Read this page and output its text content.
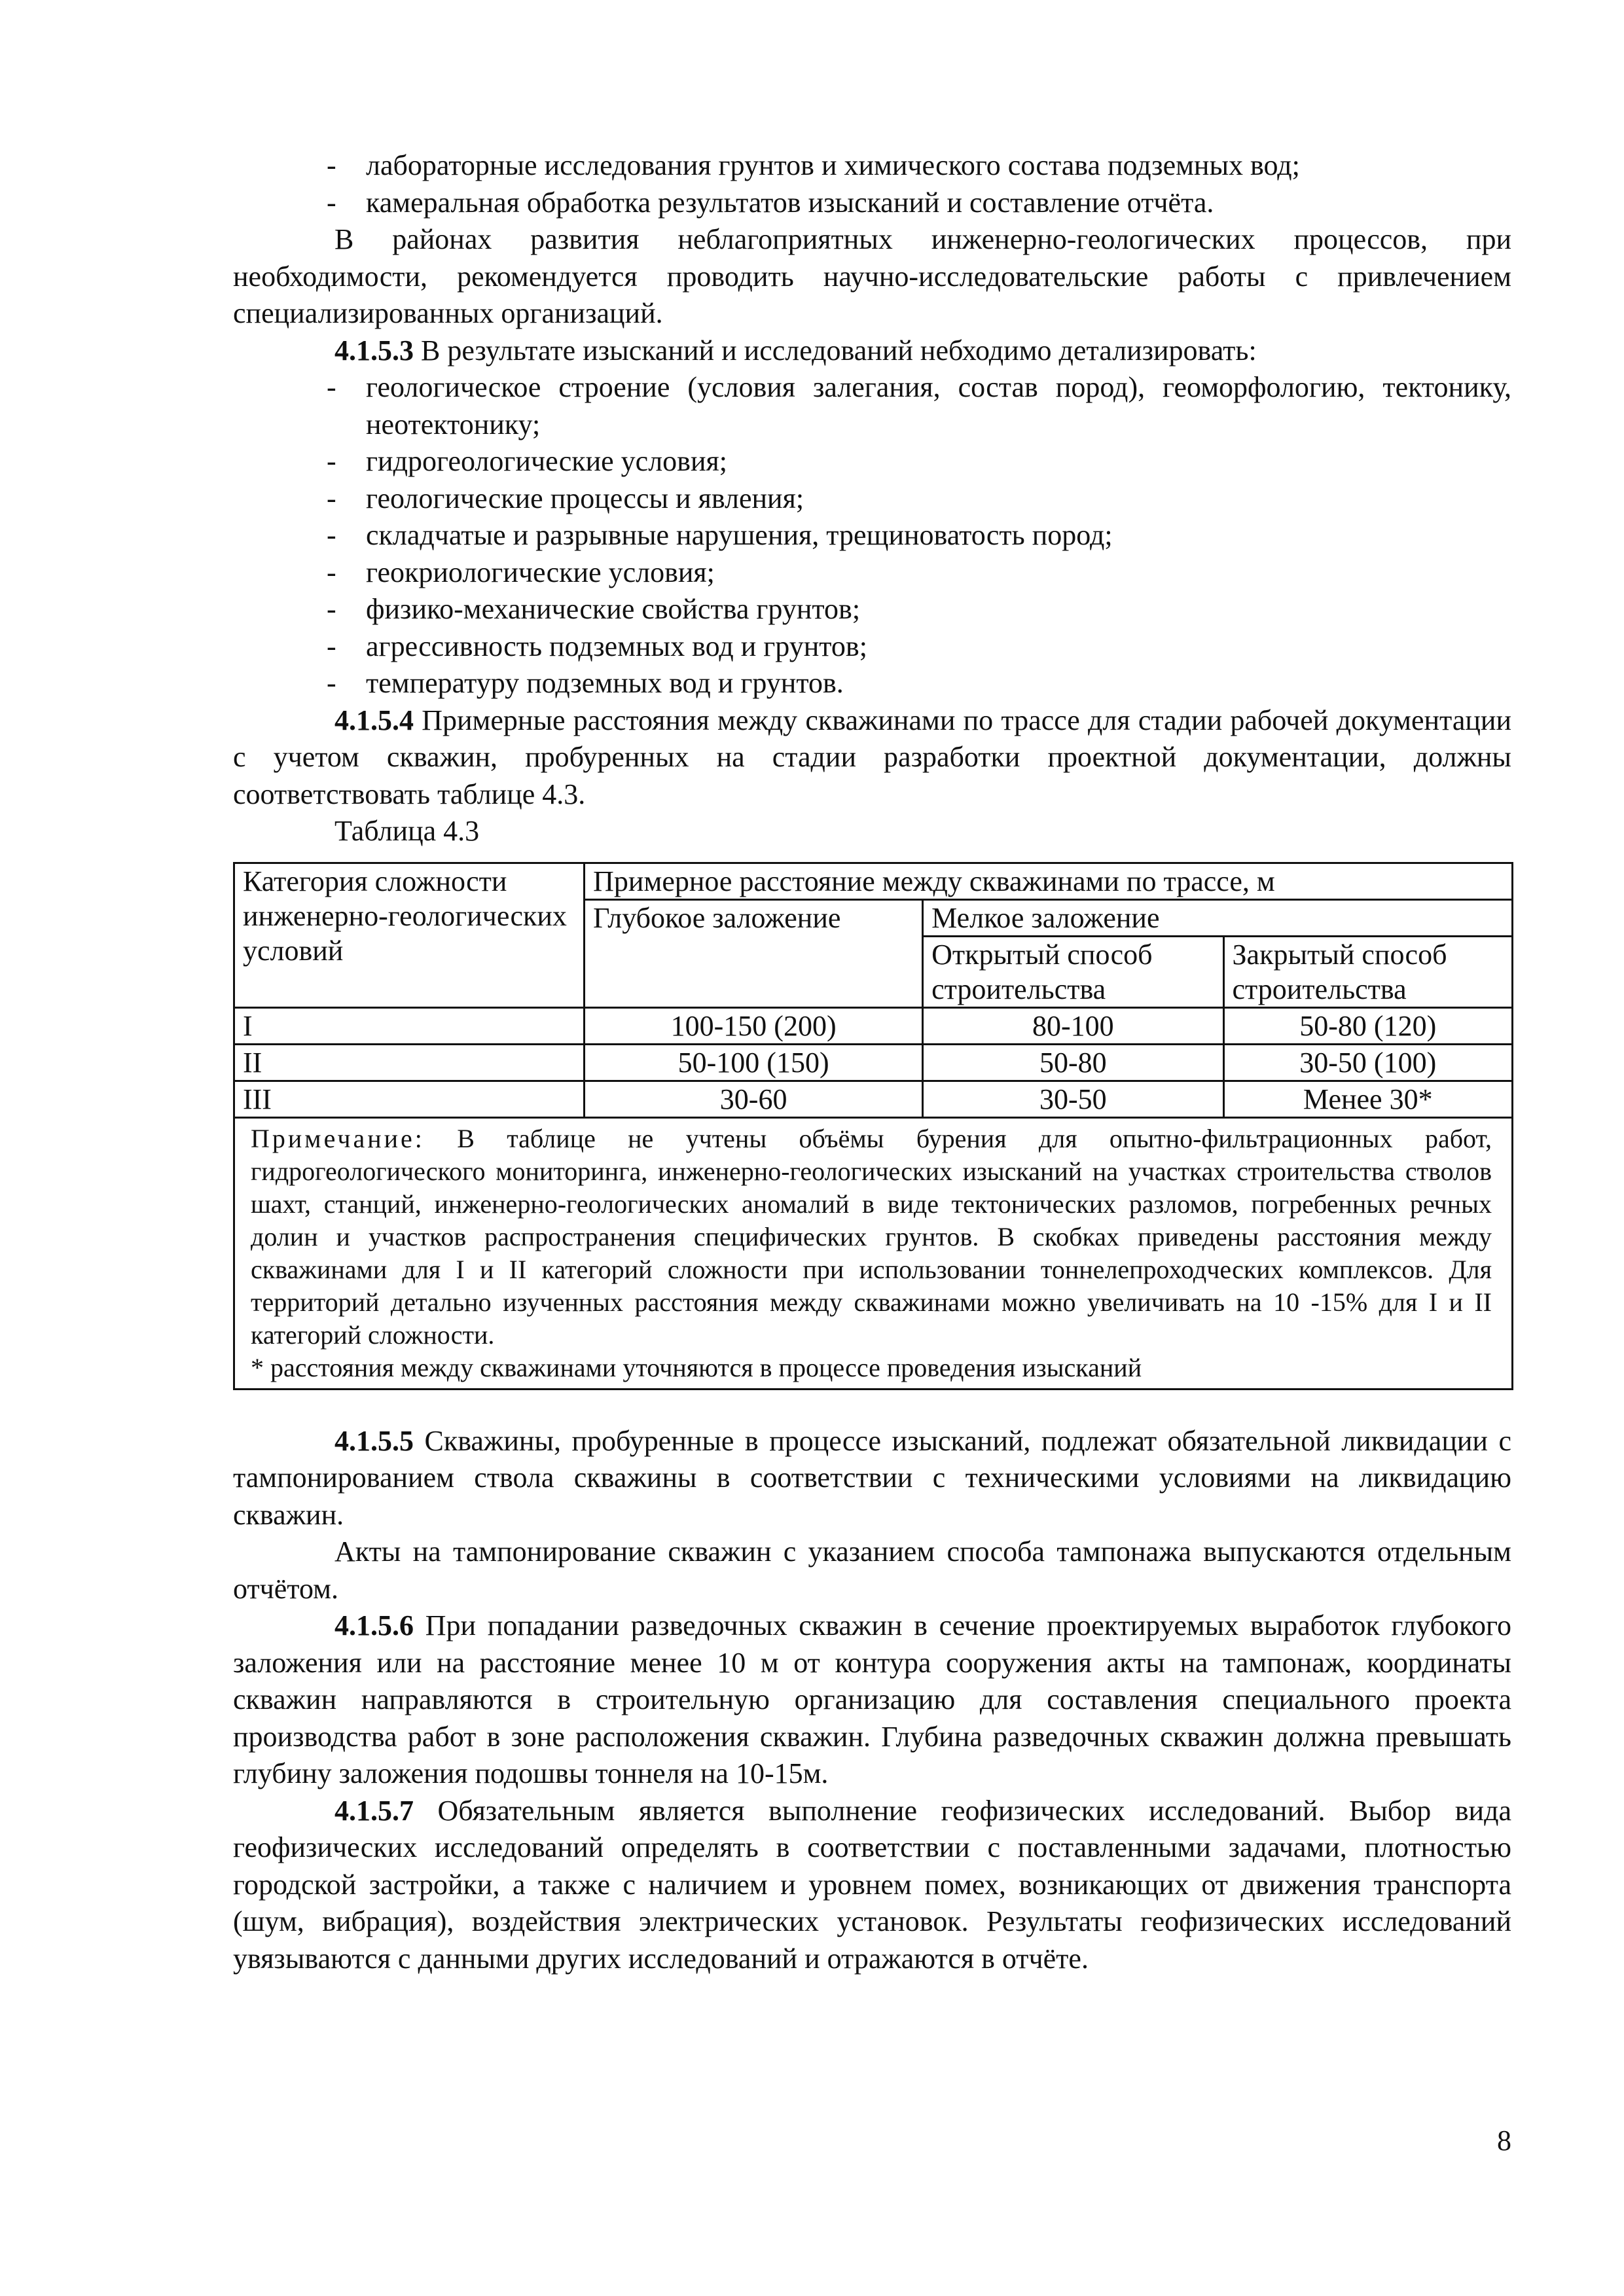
- лабораторные исследования грунтов и химического состава подземных вод;

- камеральная обработка результатов изысканий и составление отчёта.

В районах развития неблагоприятных инженерно-геологических процессов, при необходимости, рекомендуется проводить научно-исследовательские работы с привлечением специализированных организаций.

4.1.5.3 В результате изысканий и исследований небходимо детализировать:

- геологическое строение (условия залегания, состав пород), геоморфологию, тектонику, неотектонику;

- гидрогеологические условия;

- геологические процессы и явления;

- складчатые и разрывные нарушения, трещиноватость пород;

- геокриологические условия;

- физико-механические свойства грунтов;

- агрессивность подземных вод и грунтов;

- температуру подземных вод и грунтов.

4.1.5.4 Примерные расстояния между скважинами по трассе для стадии рабочей документации с учетом скважин, пробуренных на стадии разработки проектной документации, должны соответствовать таблице 4.3.

Таблица 4.3

Категория сложности инженерно-геологических условий	Примерное расстояние между скважинами по трассе, м		
	Глубокое заложение	Мелкое заложение	
		Открытый способ строительства	Закрытый способ строительства
I	100-150 (200)	80-100	50-80 (120)
II	50-100 (150)	50-80	30-50 (100)
III	30-60	30-50	Менее 30*
Примечание: В таблице не учтены объёмы бурения для опытно-фильтрационных работ, гидрогеологического мониторинга, инженерно-геологических изысканий на участках строительства стволов шахт, станций, инженерно-геологических аномалий в виде тектонических разломов, погребенных речных долин и участков распространения специфических грунтов. В скобках приведены расстояния между скважинами для I и II категорий сложности при использовании тоннелепроходческих комплексов. Для территорий детально изученных расстояния между скважинами можно увеличивать на 10 -15% для I и II категорий сложности.
* расстояния между скважинами уточняются в процессе проведения изысканий			

4.1.5.5 Скважины, пробуренные в процессе изысканий, подлежат обязательной ликвидации с тампонированием ствола скважины в соответствии с техническими условиями на ликвидацию скважин.

Акты на тампонирование скважин с указанием способа тампонажа выпускаются отдельным отчётом.

4.1.5.6 При попадании разведочных скважин в сечение проектируемых выработок глубокого заложения или на расстояние менее 10 м от контура сооружения акты на тампонаж, координаты скважин направляются в строительную организацию для составления специального проекта производства работ в зоне расположения скважин. Глубина разведочных скважин должна превышать глубину заложения подошвы тоннеля на 10-15м.

4.1.5.7 Обязательным является выполнение геофизических исследований. Выбор вида геофизических исследований определять в соответствии с поставленными задачами, плотностью городской застройки, а также с наличием и уровнем помех, возникающих от движения транспорта (шум, вибрация), воздействия электрических установок. Результаты геофизических исследований увязываются с данными других исследований и отражаются в отчёте.

8
